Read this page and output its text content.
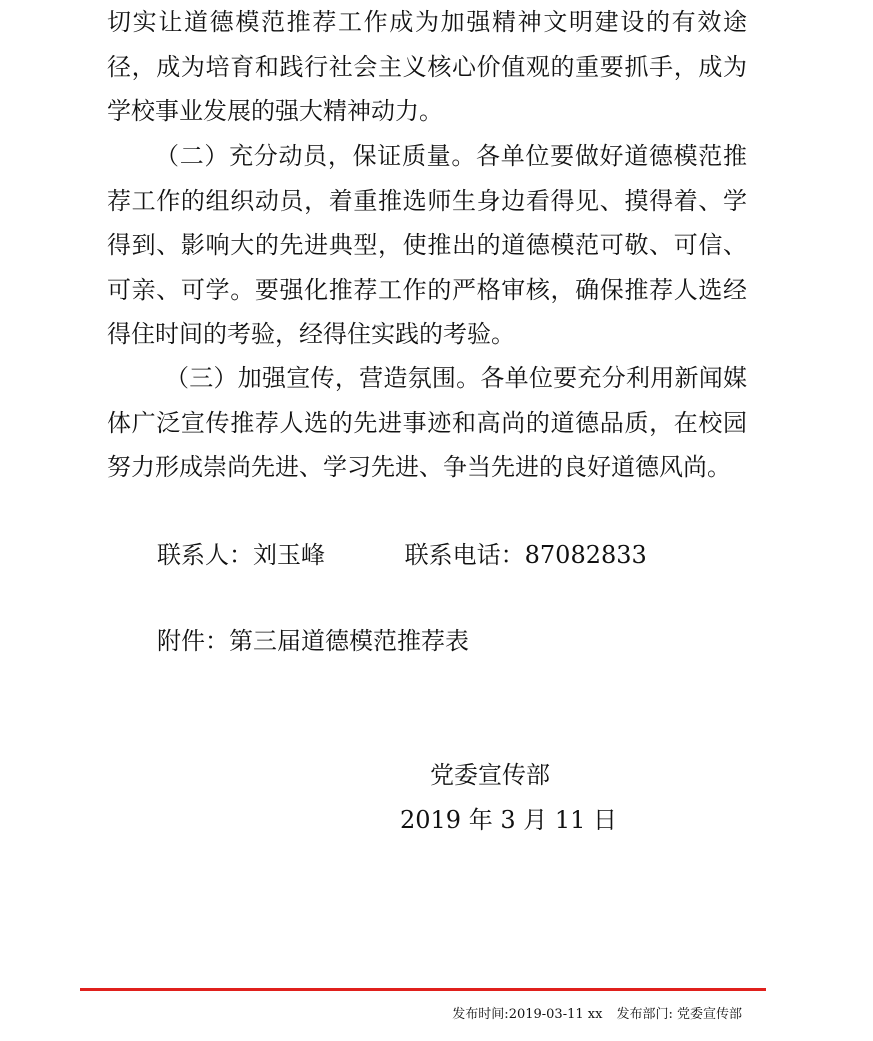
切实让道德模范推荐工作成为加强精神文明建设的有效途径，成为培育和践行社会主义核心价值观的重要抓手，成为学校事业发展的强大精神动力。

（二）充分动员，保证质量。各单位要做好道德模范推荐工作的组织动员，着重推选师生身边看得见、摸得着、学得到、影响大的先进典型，使推出的道德模范可敬、可信、可亲、可学。要强化推荐工作的严格审核，确保推荐人选经得住时间的考验，经得住实践的考验。

（三）加强宣传，营造氛围。各单位要充分利用新闻媒体广泛宣传推荐人选的先进事迹和高尚的道德品质，在校园努力形成崇尚先进、学习先进、争当先进的良好道德风尚。

联系人：刘玉峰	联系电话：87082833
附件：第三届道德模范推荐表
党委宣传部
2019 年 3 月 11 日
发布时间:2019-03-11 xx 发布部门: 党委宣传部
